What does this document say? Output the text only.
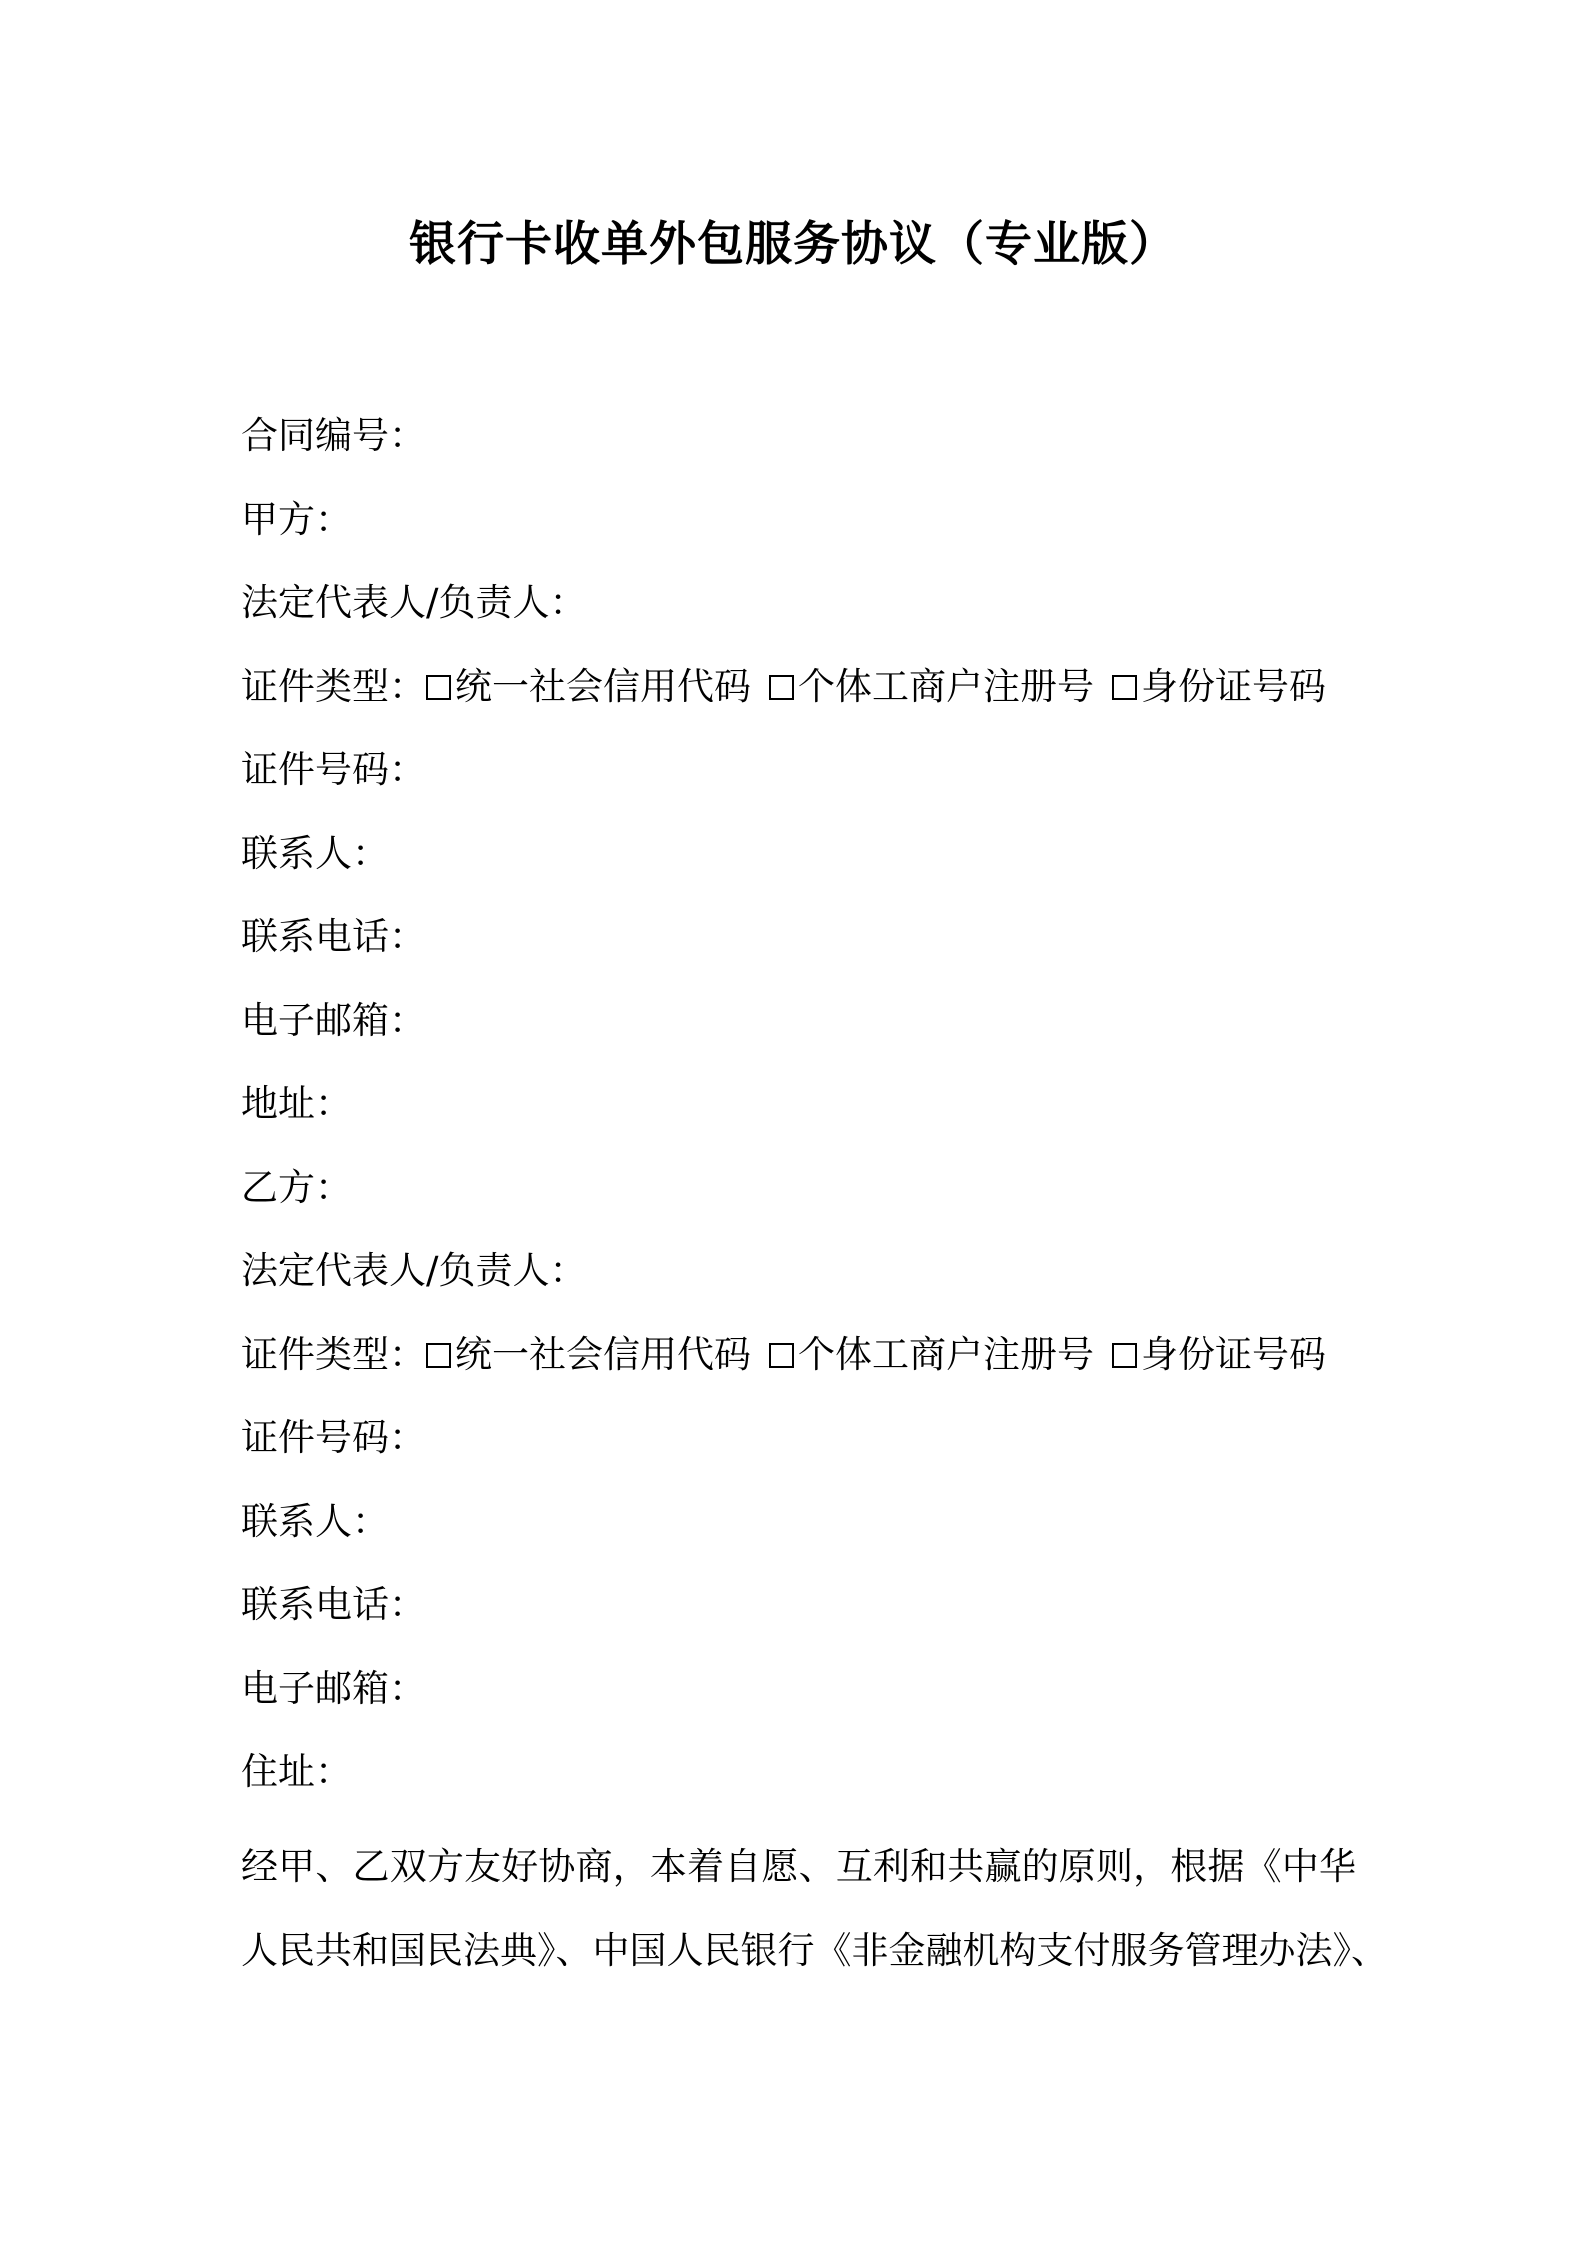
银行卡收单外包服务协议（专业版）
合同编号：
甲方：
法定代表人/负责人：
证件类型： 统一社会信用代码 个体工商户注册号 身份证号码
证件号码：
联系人：
联系电话：
电子邮箱：
地址：
乙方：
法定代表人/负责人：
证件类型： 统一社会信用代码 个体工商户注册号 身份证号码
证件号码：
联系人：
联系电话：
电子邮箱：
住址：
经甲、乙双方友好协商，本着自愿、互利和共赢的原则，根据《中华
人民共和国民法典》、中国人民银行《非金融机构支付服务管理办法》、
